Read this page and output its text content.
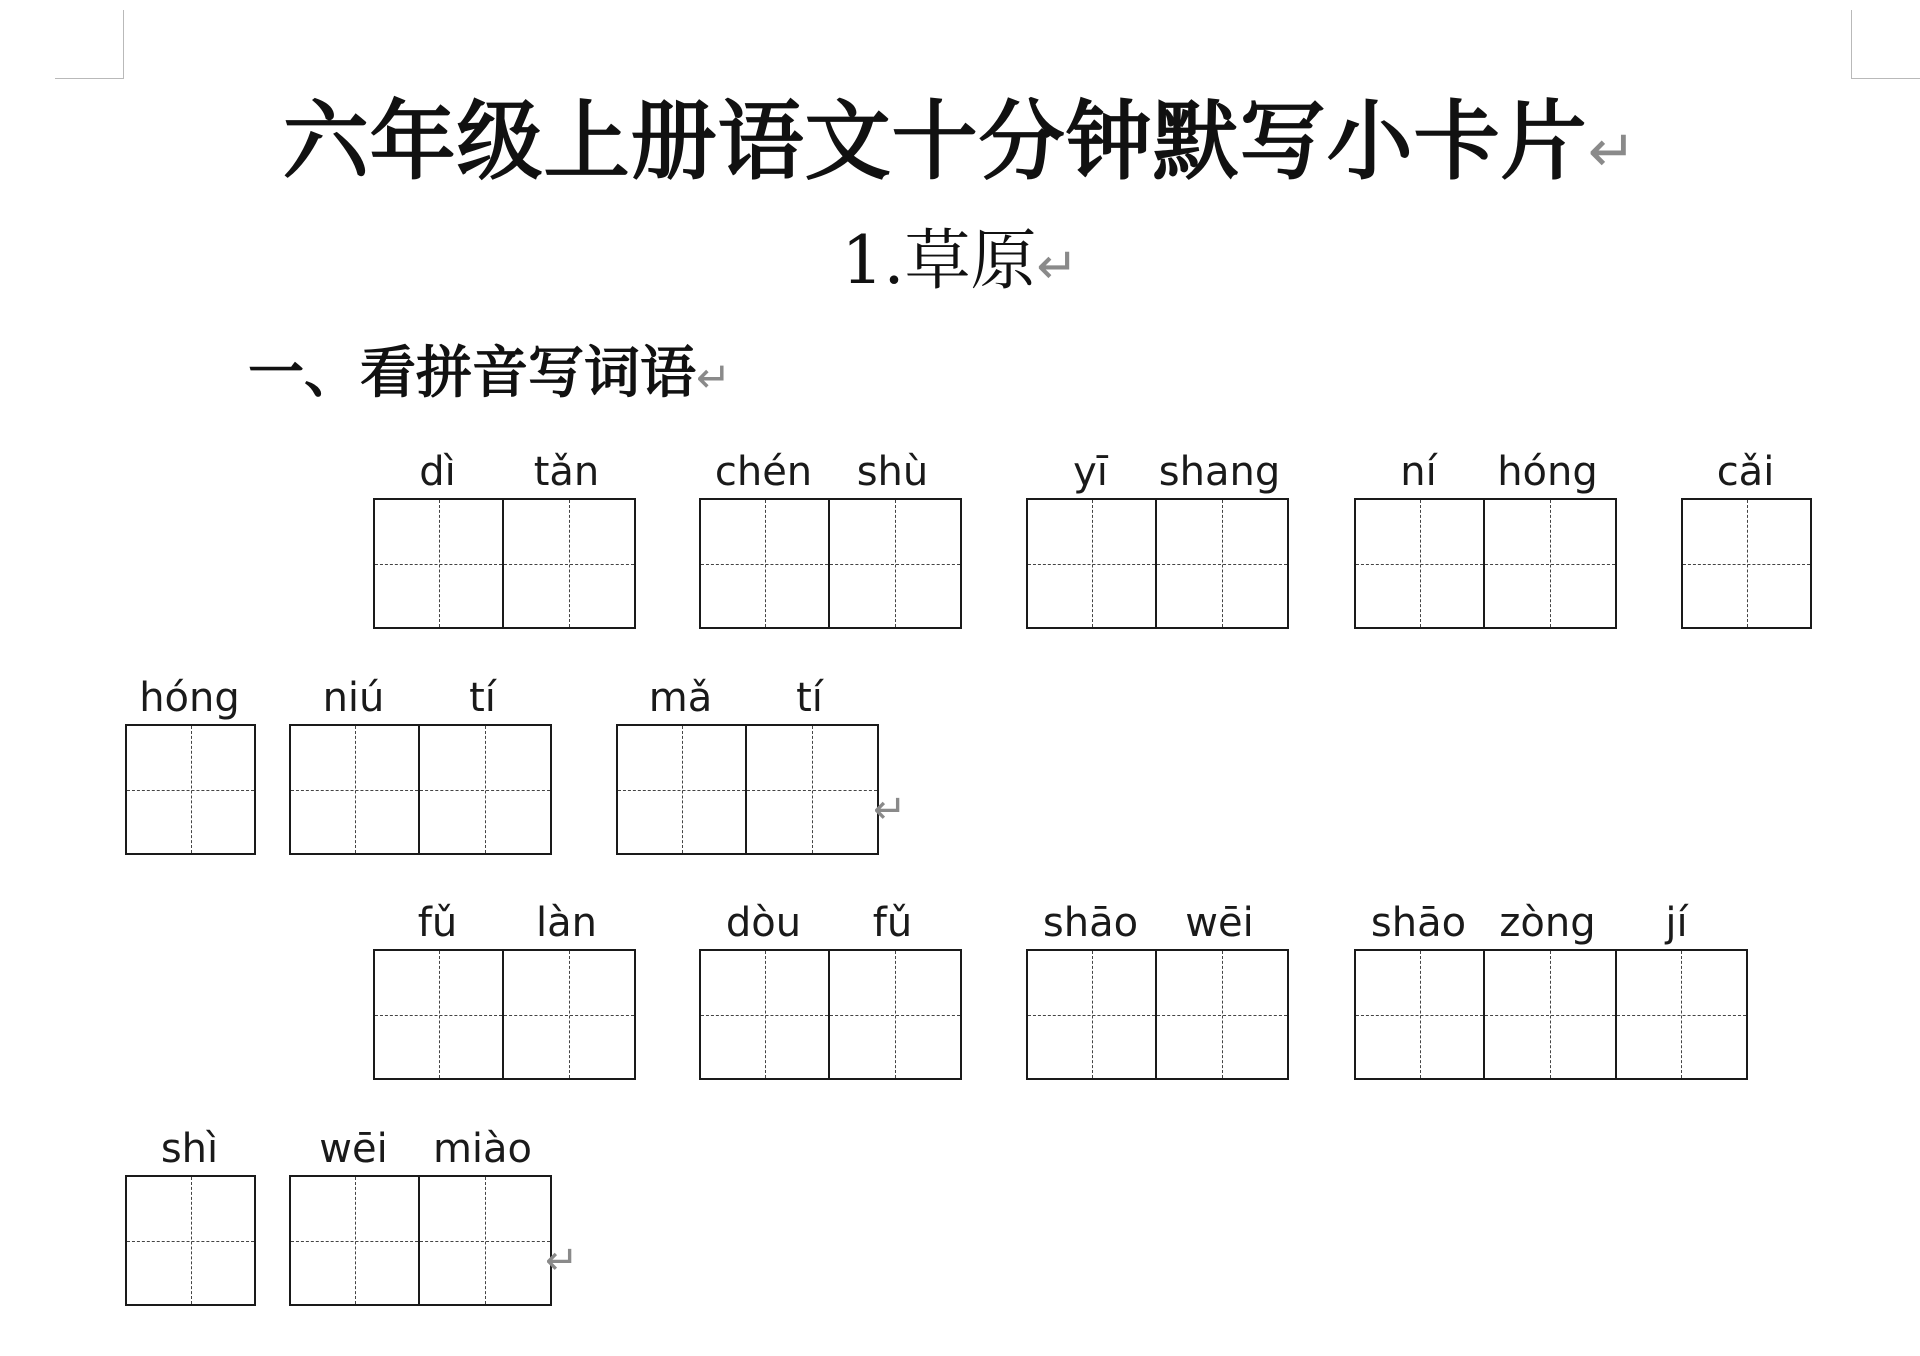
六年级上册语文十分钟默写小卡片↵
1.草原↵
一、看拼音写词语↵
dì	tǎn	chén	shù	yī	shang	ní	hóng	cǎi
hóng	niú	tí	mǎ	tí
fǔ	làn	dòu	fǔ	shāo	wēi	shāo zòng	jí
shì	wēi	miào
↵
↵
